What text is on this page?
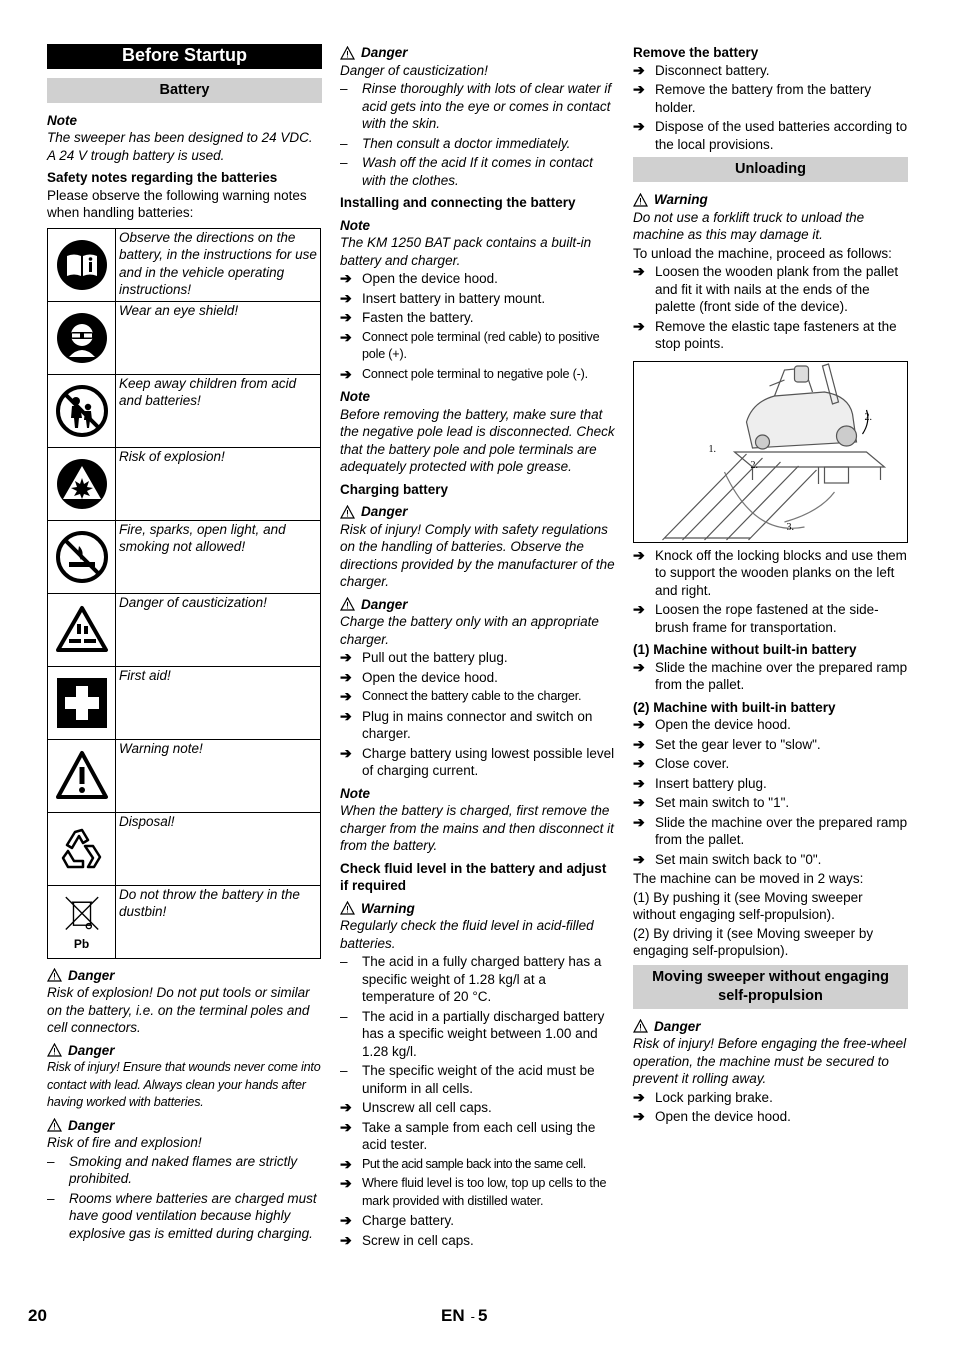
Before Startup
Battery
Note
The sweeper has been designed to 24 VDC. A 24 V trough battery is used.
Safety notes regarding the batteries
Please observe the following warning notes when handling batteries:
	Observe the directions on the battery, in the instructions for use and in the vehicle operating instructions!

	Wear an eye shield!

	Keep away children from acid and batteries!

	Risk of explosion!

	Fire, sparks, open light, and smoking not allowed!

	Danger of causticization!

	First aid!

	Warning note!

	Disposal!

Pb	Do not throw the battery in the dustbin!
Danger
Risk of explosion! Do not put tools or similar on the battery, i.e. on the terminal poles and cell connectors.
Danger
Risk of injury! Ensure that wounds never come into contact with lead. Always clean your hands after having worked with batteries.
Danger
Risk of fire and explosion!
–	Smoking and naked flames are strictly prohibited.
–	Rooms where batteries are charged must have good ventilation because highly explosive gas is emitted during charging.
Danger
Danger of causticization!
–	Rinse thoroughly with lots of clear water if acid gets into the eye or comes in contact with the skin.
–	Then consult a doctor immediately.
–	Wash off the acid If it comes in contact with the clothes.
Installing and connecting the battery
Note
The KM 1250 BAT pack contains a built-in battery and charger.
➔ Open the device hood.
➔ Insert battery in battery mount.
➔ Fasten the battery.
➔ Connect pole terminal (red cable) to positive pole (+).
➔ Connect pole terminal to negative pole (-).
Note
Before removing the battery, make sure that the negative pole lead is disconnected. Check that the battery pole and pole terminals are adequately protected with pole grease.
Charging battery
Danger
Risk of injury! Comply with safety regulations on the handling of batteries. Observe the directions provided by the manufacturer of the charger.
Danger
Charge the battery only with an appropriate charger.
➔ Pull out the battery plug.
➔ Open the device hood.
➔ Connect the battery cable to the charger.
➔ Plug in mains connector and switch on charger.
➔ Charge battery using lowest possible level of charging current.
Note
When the battery is charged, first remove the charger from the mains and then disconnect it from the battery.
Check fluid level in the battery and adjust if required
Warning
Regularly check the fluid level in acid-filled batteries.
–	The acid in a fully charged battery has a specific weight of 1.28 kg/l at a temperature of 20 °C.
–	The acid in a partially discharged battery has a specific weight between 1.00 and 1.28 kg/l.
–	The specific weight of the acid must be uniform in all cells.
➔ Unscrew all cell caps.
➔ Take a sample from each cell using the acid tester.
➔ Put the acid sample back into the same cell.
➔ Where fluid level is too low, top up cells to the mark provided with distilled water.
➔ Charge battery.
➔ Screw in cell caps.
Remove the battery
➔ Disconnect battery.
➔ Remove the battery from the battery holder.
➔ Dispose of the used batteries according to the local provisions.
Unloading
Warning
Do not use a forklift truck to unload the machine as this may damage it.
To unload the machine, proceed as follows:
➔ Loosen the wooden plank from the pallet and fit it with nails at the ends of the palette (front side of the device).
➔ Remove the elastic tape fasteners at the stop points.
1.
2.
2.
3.
➔ Knock off the locking blocks and use them to support the wooden planks on the left and right.
➔ Loosen the rope fastened at the side-brush frame for transportation.
(1) Machine without built-in battery
➔ Slide the machine over the prepared ramp from the pallet.
(2) Machine with built-in battery
➔ Open the device hood.
➔ Set the gear lever to "slow".
➔ Close cover.
➔ Insert battery plug.
➔ Set main switch to "1".
➔ Slide the machine over the prepared ramp from the pallet.
➔ Set main switch back to "0".
The machine can be moved in 2 ways:
(1) By pushing it (see Moving sweeper without engaging self-propulsion).
(2) By driving it (see Moving sweeper by engaging self-propulsion).
Moving sweeper without engaging self-propulsion
Danger
Risk of injury! Before engaging the free-wheel operation, the machine must be secured to prevent it rolling away.
➔ Lock parking brake.
➔ Open the device hood.
20	EN - 5
